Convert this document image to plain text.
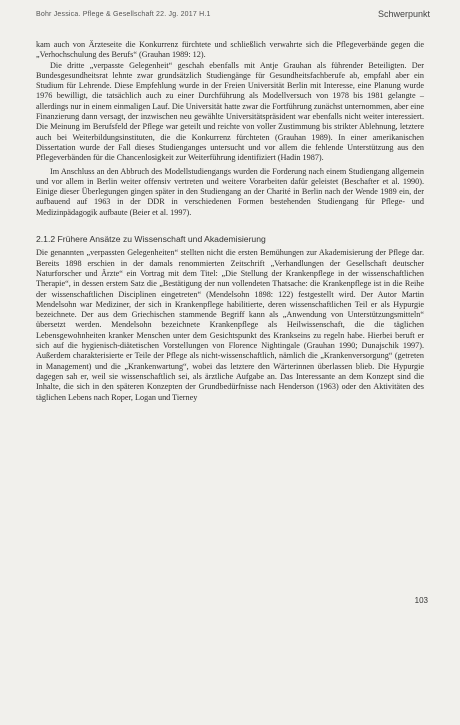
Bohr Jessica. Pflege & Gesellschaft 22. Jg. 2017 H.1	Schwerpunkt

kam auch von Ärzteseite die Konkurrenz fürchtete und schließlich verwahrte sich die Pflegeverbände gegen die „Verhochschulung des Berufs“ (Grauhan 1989: 12).

Die dritte „verpasste Gelegenheit“ geschah ebenfalls mit Antje Grauhan als führender Beteiligten. Der Bundesgesundheitsrat lehnte zwar grundsätzlich Studiengänge für Gesundheitsfachberufe ab, empfahl aber ein Studium für Lehrende. Diese Empfehlung wurde in der Freien Universität Berlin mit Interesse, eine Planung wurde 1976 bewilligt, die tatsächlich auch zu einer Durchführung als Modellversuch von 1978 bis 1981 gelangte – allerdings nur in einem einmaligen Lauf. Die Universität hatte zwar die Fortführung zunächst unternommen, aber eine Finanzierung dann versagt, der inzwischen neu gewählte Universitätspräsident war ebenfalls nicht weiter interessiert. Die Meinung im Berufsfeld der Pflege war geteilt und reichte von voller Zustimmung bis strikter Ablehnung, letztere auch bei Weiterbildungsinstituten, die die Konkurrenz fürchteten (Grauhan 1989). In einer amerikanischen Dissertation wurde der Fall dieses Studienganges untersucht und vor allem die fehlende Unterstützung aus den Pflegeverbänden für die Chancenlosigkeit zur Weiterführung identifiziert (Hadin 1987).

Im Anschluss an den Abbruch des Modellstudiengangs wurden die Forderung nach einem Studiengang allgemein und vor allem in Berlin weiter offensiv vertreten und weitere Vorarbeiten dafür geleistet (Beschafter et al. 1990). Einige dieser Überlegungen gingen später in den Studiengang an der Charité in Berlin nach der Wende 1989 ein, der aufbauend auf 1963 in der DDR in verschiedenen Formen bestehenden Studiengang für Pflege- und Medizinpädagogik aufbaute (Beier et al. 1997).

2.1.2 Frühere Ansätze zu Wissenschaft und Akademisierung

Die genannten „verpassten Gelegenheiten“ stellten nicht die ersten Bemühungen zur Akademisierung der Pflege dar. Bereits 1898 erschien in der damals renommierten Zeitschrift „Verhandlungen der Gesellschaft deutscher Naturforscher und Ärzte“ ein Vortrag mit dem Titel: „Die Stellung der Krankenpflege in der wissenschaftlichen Therapie“, in dessen erstem Satz die „Bestätigung der nun vollendeten Thatsache: die Krankenpflege ist in die Reihe der wissenschaftlichen Disciplinen eingetreten“ (Mendelsohn 1898: 122) festgestellt wird. Der Autor Martin Mendelsohn war Mediziner, der sich in Krankenpflege habilitierte, deren wissenschaftlichen Teil er als Hypurgie bezeichnete. Der aus dem Griechischen stammende Begriff kann als „Anwendung von Unterstützungsmitteln“ übersetzt werden. Mendelsohn bezeichnete Krankenpflege als Heilwissenschaft, die die täglichen Lebensgewohnheiten kranker Menschen unter dem Gesichtspunkt des Krankseins zu regeln habe. Hierbei beruft er sich auf die hygienisch-diätetischen Vorstellungen von Florence Nightingale (Grauhan 1990; Dunajschik 1997). Außerdem charakterisierte er Teile der Pflege als nicht-wissenschaftlich, nämlich die „Krankenversorgung“ (getreten in Management) und die „Krankenwartung“, wobei das letztere den Wärterinnen überlassen blieb. Die Hypurgie dagegen sah er, weil sie wissenschaftlich sei, als ärztliche Aufgabe an. Das Interessante an dem Konzept sind die Inhalte, die sich in den späteren Konzepten der Grundbedürfnisse nach Henderson (1963) oder den Aktivitäten des täglichen Lebens nach Roper, Logan und Tierney

103
